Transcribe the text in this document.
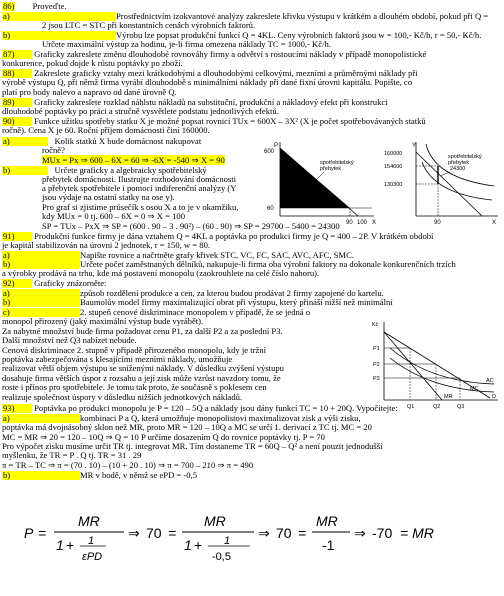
86) Proveďte.
a)	Prostřednictvím izokvantové analýzy zakreslete křivku výstupu v krátkém a dlouhém období, pokud při Q =
2 jsou LTC = STC při konstantních cenách výrobních faktorů.
b)	Výrobu lze popsat produkční funkcí Q = 4KL. Ceny výrobních faktorů jsou w = 100,- Kč/h, r = 50,- Kč/h.
Určete maximální výstup za hodinu, je-li firma omezena náklady TC = 1000,- Kč/h.
87) Graficky zakreslete změnu dlouhodobé rovnováhy firmy a odvětví s rostoucími náklady v případě monopolistické
konkurence, pokud dojde k růstu poptávky po zboží.
88) Zakreslete graficky vztahy mezi krátkodobými a dlouhodobými celkovými, mezními a průměrnými náklady při
výrobě výstupu Q, při němž firma vyrábí dlouhodobě s minimálními náklady při dané fixní úrovni kapitálu. Popište, co
platí pro body nalevo a napravo od dané úrovně Q.
89) Graficky zakreslete rozklad náhlstu nákladů na substituční, produkční a nákladový efekt při konstrukci
dlouhodobé poptávky po práci a stručně vysvětlete podstatu jednotlivých efektů.
90) Funkce užitku spotřeby statku X je možné popsat rovnicí TUx = 600X – 3X² (X je počet spotřebovávaných statků
ročně). Cena X je 60. Roční příjem domácnosti činí 160000.
a)	Kolik statků X bude domácnost nakupovat
ročně?
MUx = Px ⇒ 600 – 6X = 60 ⇒ -6X = -540 ⇒ X = 90
b)	Určete graficky a algebraicky spotřebitelský
přebytek domácnosti. Ilustrujte rozhodování domácnosti
a přebytek spotřebitele i pomocí indiferenční analýzy (Y
jsou výdaje na ostatní statky na ose y).
Pro graf si zjistíme průsečík s osou X a to je v okamžiku,
kdy MUx = 0 tj. 600 – 6X = 0 ⇒ X = 100
SP = TUx – PxX ⇒ SP = (600 . 90 – 3 . 90²) – (60 . 90) ⇒ SP = 29700 – 5400 = 24300
P
600
60
90 100 X
spotřebitelský
přebytek
Y
160000
154600
130300
90	X
spotřebitelský
přebytek
24300
91) Produkční funkce firmy je dána vztahem Q = 4KL a poptávka po produkci firmy je Q = 400 – 2P. V krátkém období
je kapitál stabilizován na úrovni 2 jednotek, r = 150, w = 80.
a)	Napište rovnice a načrtněte grafy křivek STC, VC, FC, SAC, AVC, AFC, SMC.
b)	Určete počet zaměstnaných dělníků, nakupuje-li firma oba výrobní faktory na dokonale konkurenčních trzích
a výrobky prodává na trhu, kde má postavení monopolu (zaokrouhlete na celé číslo nahoru).
92) Graficky znázorněte:
a)	způsob rozdělení produkce a cen, za kterou budou prodávat 2 firmy zapojené do kartelu.
b)	Baumolův model firmy maximalizující obrat při výstupu, který přináší nižší než minimální
c)	2. stupeň cenové diskriminace monopolem v případě, že se jedná o
monopol přirozený (jaký maximální výstup bude vyrábět).
Za nabytné množství bude firma požadovat cenu P1, za další P2 a za poslední P3.
Další množství než Q3 nabízet nebude.
Cenová diskriminace 2. stupně v případě přirozeného monopolu, kdy je tržní
poptávka zabezpečována s klesajícími mezními náklady, umožňuje
realizovat větší objem výstupu se sníženými náklady. V důsledku zvýšení výstupu
dosahuje firma větších úspor z rozsahu a její zisk může vzrůst navzdory tomu, že
roste i přínos pro spotřebitele. Je tomu tak proto, že současně s poklesem cen
realizuje společnost úspory v důsledku nižších jednotkových nákladů.
Kč
P1
P2
P3
Q1	Q2	Q3
AC
MC
D
MR
93) Poptávka po produkci monopolu je P = 120 – 5Q a náklady jsou dány funkcí TC = 10 + 20Q. Vypočítejte:
a)	kombinaci P a Q, která umožňuje monopolistovi maximalizovat zisk a výši zisku,
poptávka má dvojnásobný sklon než MR, proto MR = 120 – 10Q a MC se určí 1. derivací z TC tj. MC = 20
MC = MR ⇒ 20 = 120 – 10Q ⇒ Q = 10 P určíme dosazením Q do rovnice poptávky tj. P = 70
Pro výpočet zisku musíme určit TR tj. integrovat MR. Tím dostaneme TR = 60Q – Q² a není pouzit jednodušší
myšlenku, že TR = P . Q tj. TR = 31 . 29
π = TR – TC ⇒ π = (70 . 10) – (10 + 20 . 10) ⇒ π = 700 – 210 ⇒ π = 490
b)	MR v bodě, v němž se ePD = -0,5
P =
MR
1 + 1
εPD
⇒ 70 =
MR
1 + 1
-0,5
⇒ 70 =
MR
-1
⇒ -70 = MR
